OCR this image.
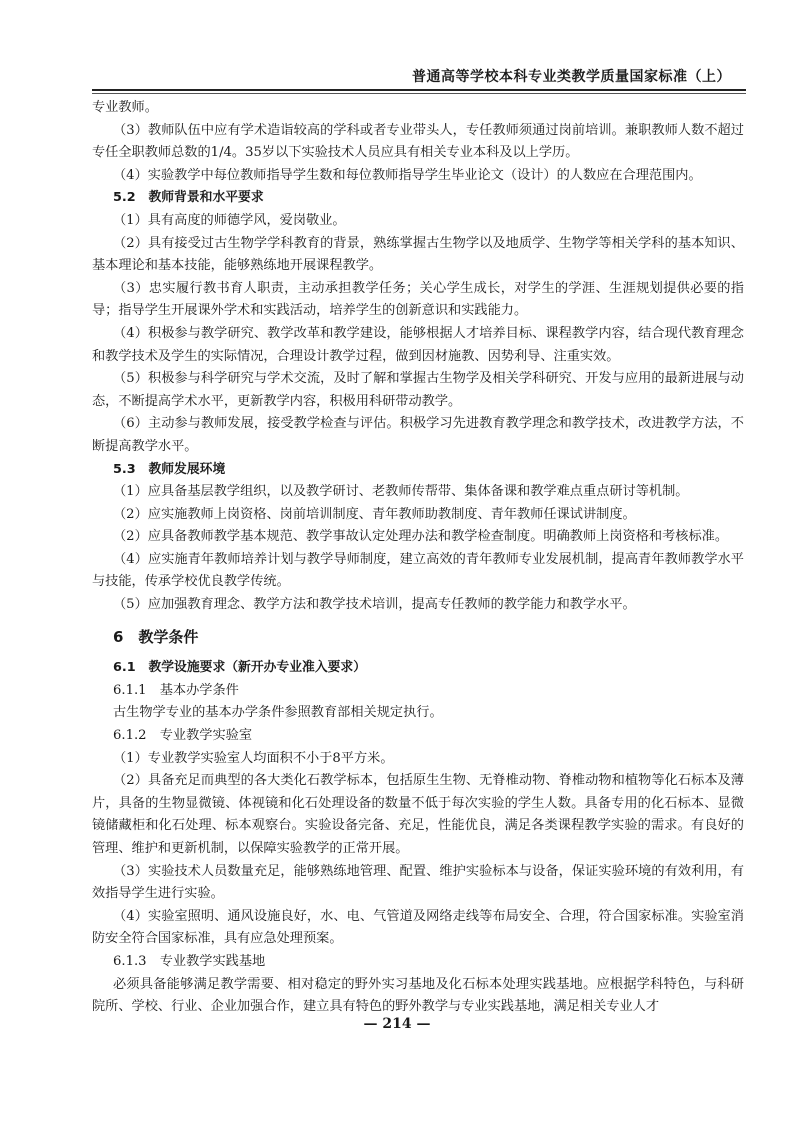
普通高等学校本科专业类教学质量国家标准（上）

专业教师。

（3）教师队伍中应有学术造诣较高的学科或者专业带头人，专任教师须通过岗前培训。兼职教师人数不超过专任全职教师总数的1/4。35岁以下实验技术人员应具有相关专业本科及以上学历。

（4）实验教学中每位教师指导学生数和每位教师指导学生毕业论文（设计）的人数应在合理范围内。

5.2　教师背景和水平要求

（1）具有高度的师德学风，爱岗敬业。

（2）具有接受过古生物学学科教育的背景，熟练掌握古生物学以及地质学、生物学等相关学科的基本知识、基本理论和基本技能，能够熟练地开展课程教学。

（3）忠实履行教书育人职责，主动承担教学任务；关心学生成长，对学生的学涯、生涯规划提供必要的指导；指导学生开展课外学术和实践活动，培养学生的创新意识和实践能力。

（4）积极参与教学研究、教学改革和教学建设，能够根据人才培养目标、课程教学内容，结合现代教育理念和教学技术及学生的实际情况，合理设计教学过程，做到因材施教、因势利导、注重实效。

（5）积极参与科学研究与学术交流，及时了解和掌握古生物学及相关学科研究、开发与应用的最新进展与动态，不断提高学术水平，更新教学内容，积极用科研带动教学。

（6）主动参与教师发展，接受教学检查与评估。积极学习先进教育教学理念和教学技术，改进教学方法，不断提高教学水平。

5.3　教师发展环境

（1）应具备基层教学组织，以及教学研讨、老教师传帮带、集体备课和教学难点重点研讨等机制。

（2）应实施教师上岗资格、岗前培训制度、青年教师助教制度、青年教师任课试讲制度。

（2）应具备教师教学基本规范、教学事故认定处理办法和教学检查制度。明确教师上岗资格和考核标准。

（4）应实施青年教师培养计划与教学导师制度，建立高效的青年教师专业发展机制，提高青年教师教学水平与技能，传承学校优良教学传统。

（5）应加强教育理念、教学方法和教学技术培训，提高专任教师的教学能力和教学水平。

6　教学条件

6.1　教学设施要求（新开办专业准入要求）

6.1.1　基本办学条件

古生物学专业的基本办学条件参照教育部相关规定执行。

6.1.2　专业教学实验室

（1）专业教学实验室人均面积不小于8平方米。

（2）具备充足而典型的各大类化石教学标本，包括原生生物、无脊椎动物、脊椎动物和植物等化石标本及薄片，具备的生物显微镜、体视镜和化石处理设备的数量不低于每次实验的学生人数。具备专用的化石标本、显微镜储藏柜和化石处理、标本观察台。实验设备完备、充足，性能优良，满足各类课程教学实验的需求。有良好的管理、维护和更新机制，以保障实验教学的正常开展。

（3）实验技术人员数量充足，能够熟练地管理、配置、维护实验标本与设备，保证实验环境的有效利用，有效指导学生进行实验。

（4）实验室照明、通风设施良好，水、电、气管道及网络走线等布局安全、合理，符合国家标准。实验室消防安全符合国家标准，具有应急处理预案。

6.1.3　专业教学实践基地

必须具备能够满足教学需要、相对稳定的野外实习基地及化石标本处理实践基地。应根据学科特色，与科研院所、学校、行业、企业加强合作，建立具有特色的野外教学与专业实践基地，满足相关专业人才

— 214 —
